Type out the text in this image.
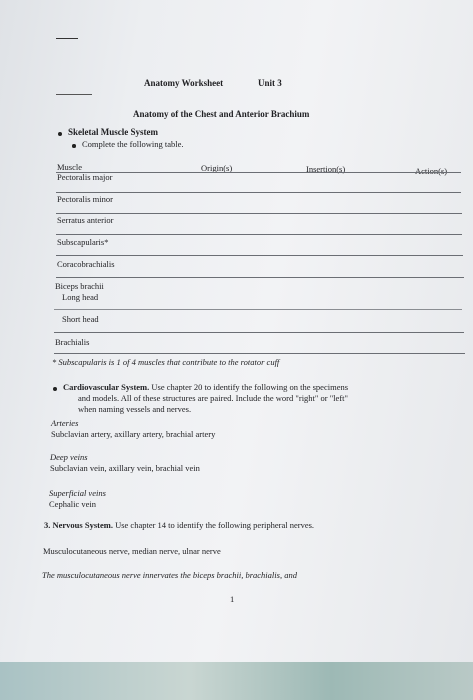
Anatomy Worksheet	Unit 3
Anatomy of the Chest and Anterior Brachium
Skeletal Muscle System
Complete the following table.
Muscle	Origin(s)	Insertion(s)	Action(s)
Pectoralis major
Pectoralis minor
Serratus anterior
Subscapularis*
Coracobrachialis
Biceps brachii
Long head
Short head
Brachialis
* Subscapularis is 1 of 4 muscles that contribute to the rotator cuff
Cardiovascular System. Use chapter 20 to identify the following on the specimens
and models. All of these structures are paired. Include the word "right" or "left"
when naming vessels and nerves.
Arteries
Subclavian artery, axillary artery, brachial artery
Deep veins
Subclavian vein, axillary vein, brachial vein
Superficial veins
Cephalic vein
3. Nervous System. Use chapter 14 to identify the following peripheral nerves.
Musculocutaneous nerve, median nerve, ulnar nerve
The musculocutaneous nerve innervates the biceps brachii, brachialis, and
1
